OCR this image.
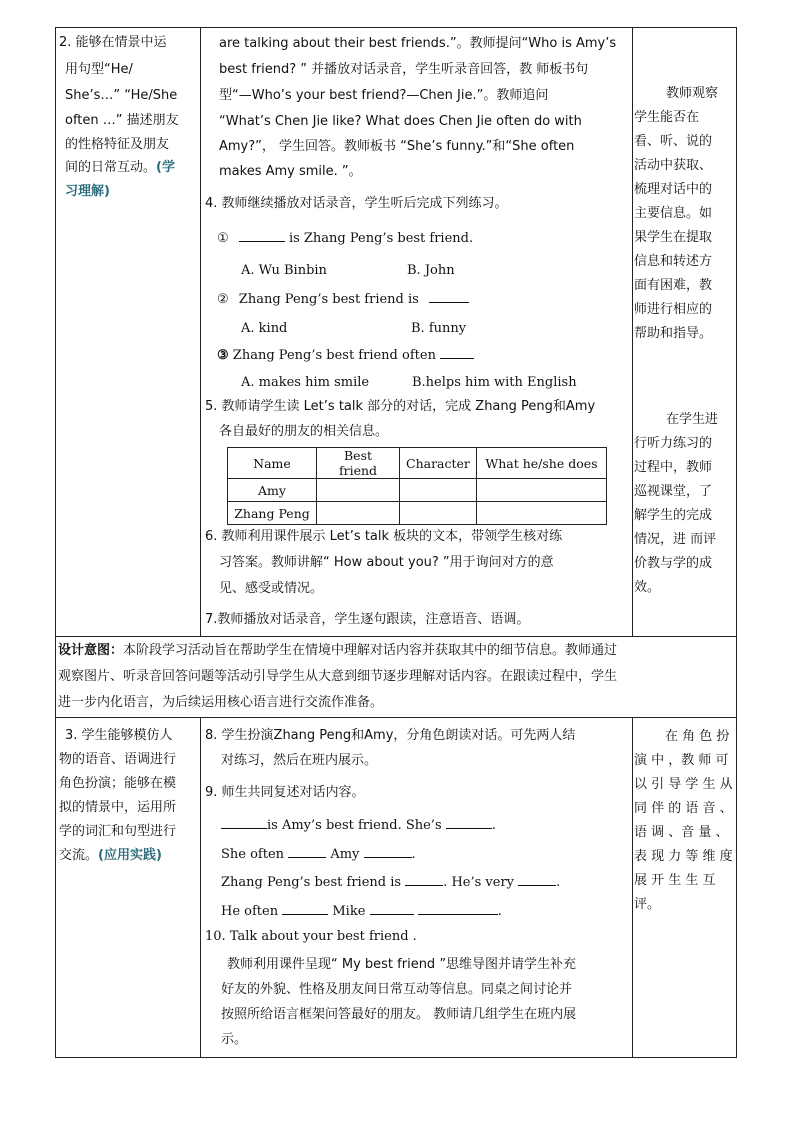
2. 能够在情景中运
用句型“He/
She’s…” “He/She
often …” 描述朋友
的性格特征及朋友
间的日常互动。(学
习理解)
are talking about their best friends.”。教师提问“Who is Amy’s
best friend? ” 并播放对话录音，学生听录音回答，教 师板书句
型“—Who’s your best friend?—Chen Jie.”。教师追问
“What’s Chen Jie like? What does Chen Jie often do with
Amy?”， 学生回答。教师板书 “She’s funny.”和“She often
makes Amy smile. ”。
4. 教师继续播放对话录音，学生听后完成下列练习。
①	is Zhang Peng’s best friend.
A. Wu Binbin	B. John
② Zhang Peng’s best friend is
A. kind	B. funny
③ Zhang Peng’s best friend often
A. makes him smile	B.helps him with English
5. 教师请学生读 Let’s talk 部分的对话，完成 Zhang Peng和Amy
各自最好的朋友的相关信息。
Name	Best friend	Character	What he/she does
Amy			
Zhang Peng			
6. 教师利用课件展示 Let’s talk 板块的文本，带领学生核对练
习答案。教师讲解“ How about you? ”用于询问对方的意
见、感受或情况。
7.教师播放对话录音，学生逐句跟读，注意语音、语调。
教师观察
学生能否在
看、听、说的
活动中获取、
梳理对话中的
主要信息。如
果学生在提取
信息和转述方
面有困难，教
师进行相应的
帮助和指导。
在学生进
行听力练习的
过程中，教师
巡视课堂，了
解学生的完成
情况，进 而评
价教与学的成
效。
设计意图：本阶段学习活动旨在帮助学生在情境中理解对话内容并获取其中的细节信息。教师通过
观察图片、听录音回答问题等活动引导学生从大意到细节逐步理解对话内容。在跟读过程中，学生
进一步内化语言，为后续运用核心语言进行交流作准备。
3. 学生能够模仿人
物的语音、语调进行
角色扮演；能够在模
拟的情景中，运用所
学的词汇和句型进行
交流。(应用实践)
8. 学生扮演Zhang Peng和Amy，分角色朗读对话。可先两人结
对练习，然后在班内展示。
9. 师生共同复述对话内容。
is Amy’s best friend. She’s	.
She often	Amy	.
Zhang Peng’s best friend is	. He’s very	.
He often	Mike	.
10. Talk about your best friend .
教师利用课件呈现“ My best friend ”思维导图并请学生补充
好友的外貌、性格及朋友间日常互动等信息。同桌之间讨论并
按照所给语言框架问答最好的朋友。 教师请几组学生在班内展
示。
在 角 色 扮
演 中 ，教 师 可
以 引 导 学 生 从
同 伴 的 语 音 、
语 调 、音 量 、
表 现 力 等 维 度
展 开 生 生 互
评。
